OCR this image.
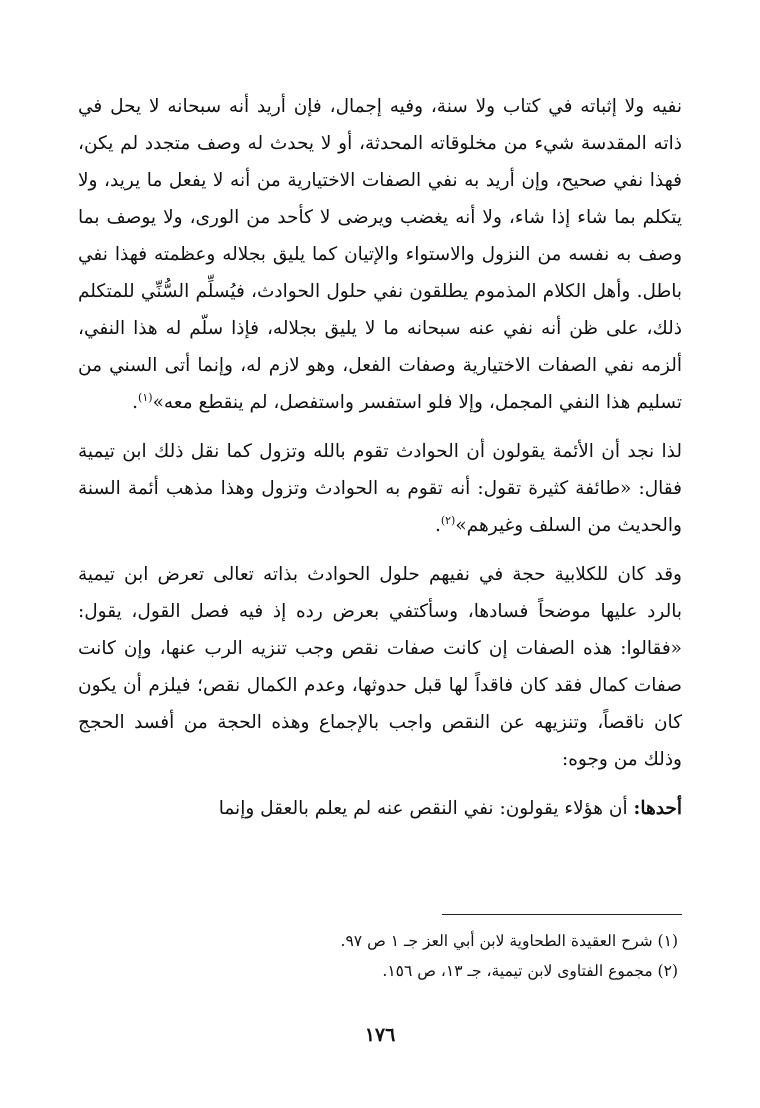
نفيه ولا إثباته في كتاب ولا سنة، وفيه إجمال، فإن أريد أنه سبحانه لا يحل في ذاته المقدسة شيء من مخلوقاته المحدثة، أو لا يحدث له وصف متجدد لم يكن، فهذا نفي صحيح، وإن أريد به نفي الصفات الاختيارية من أنه لا يفعل ما يريد، ولا يتكلم بما شاء إذا شاء، ولا أنه يغضب ويرضى لا كأحد من الورى، ولا يوصف بما وصف به نفسه من النزول والاستواء والإتيان كما يليق بجلاله وعظمته فهذا نفي باطل. وأهل الكلام المذموم يطلقون نفي حلول الحوادث، فيُسلِّم السُّنِّي للمتكلم ذلك، على ظن أنه نفي عنه سبحانه ما لا يليق بجلاله، فإذا سلّم له هذا النفي، ألزمه نفي الصفات الاختيارية وصفات الفعل، وهو لازم له، وإنما أتى السني من تسليم هذا النفي المجمل، وإلا فلو استفسر واستفصل، لم ينقطع معه»$^{(١)}$.

لذا نجد أن الأئمة يقولون أن الحوادث تقوم بالله وتزول كما نقل ذلك ابن تيمية فقال: «طائفة كثيرة تقول: أنه تقوم به الحوادث وتزول وهذا مذهب أئمة السنة والحديث من السلف وغيرهم»$^{(٢)}$.

وقد كان للكلابية حجة في نفيهم حلول الحوادث بذاته تعالى تعرض ابن تيمية بالرد عليها موضحاً فسادها، وسأكتفي بعرض رده إذ فيه فصل القول، يقول: «فقالوا: هذه الصفات إن كانت صفات نقص وجب تنزيه الرب عنها، وإن كانت صفات كمال فقد كان فاقداً لها قبل حدوثها، وعدم الكمال نقص؛ فيلزم أن يكون كان ناقصاً، وتنزيهه عن النقص واجب بالإجماع وهذه الحجة من أفسد الحجج وذلك من وجوه:

أحدها: أن هؤلاء يقولون: نفي النقص عنه لم يعلم بالعقل وإنما

(١) شرح العقيدة الطحاوية لابن أبي العز جـ ١ ص ٩٧.

(٢) مجموع الفتاوى لابن تيمية، جـ ١٣، ص ١٥٦.

١٧٦
